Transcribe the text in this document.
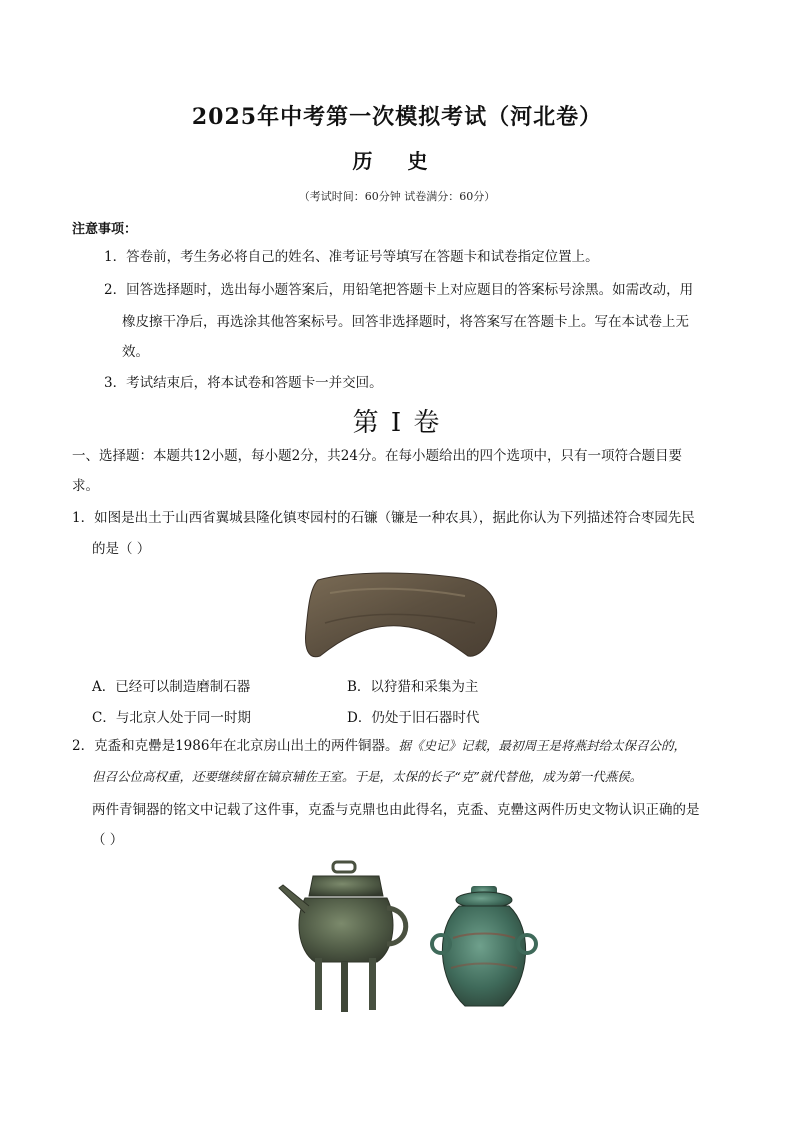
2025年中考第一次模拟考试（河北卷）
历 史
（考试时间：60分钟 试卷满分：60分）
注意事项：
1．答卷前，考生务必将自己的姓名、准考证号等填写在答题卡和试卷指定位置上。
2．回答选择题时，选出每小题答案后，用铅笔把答题卡上对应题目的答案标号涂黑。如需改动，用
橡皮擦干净后，再选涂其他答案标号。回答非选择题时，将答案写在答题卡上。写在本试卷上无
效。
3．考试结束后，将本试卷和答题卡一并交回。
第 I 卷
一、选择题：本题共12小题，每小题2分，共24分。在每小题给出的四个选项中，只有一项符合题目要
求。
1．如图是出土于山西省翼城县隆化镇枣园村的石镰（镰是一种农具），据此你认为下列描述符合枣园先民
的是（ ）
A．已经可以制造磨制石器	B．以狩猎和采集为主
C．与北京人处于同一时期	D．仍处于旧石器时代
2．克盉和克罍是1986年在北京房山出土的两件铜器。据《史记》记载，最初周王是将燕封给太保召公的，
但召公位高权重，还要继续留在镐京辅佐王室。于是，太保的长子“克”就代替他，成为第一代燕侯。
两件青铜器的铭文中记载了这件事，克盉与克鼎也由此得名，克盉、克罍这两件历史文物认识正确的是
（ ）
